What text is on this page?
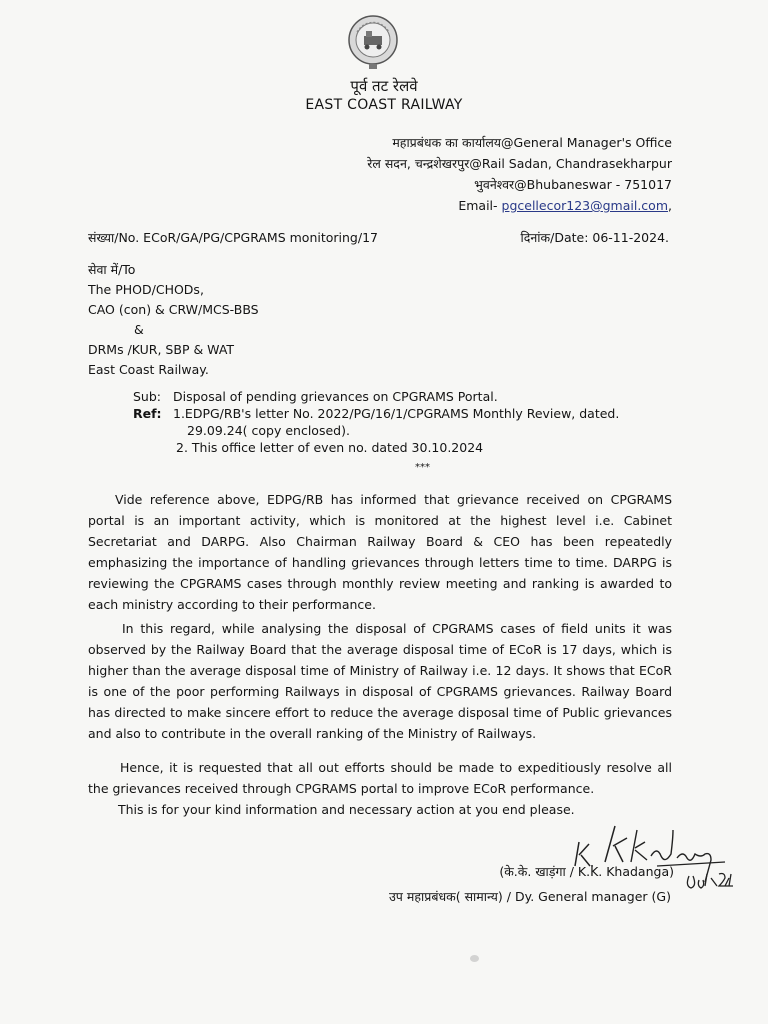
पूर्व तट रेलवे
EAST COAST RAILWAY
महाप्रबंधक का कार्यालय@General Manager's Office
रेल सदन, चन्द्रशेखरपुर@Rail Sadan, Chandrasekharpur
भुवनेश्वर@Bhubaneswar - 751017
Email- pgcellecor123@gmail.com,
संख्या/No. ECoR/GA/PG/CPGRAMS monitoring/17	दिनांक/Date: 06-11-2024.
सेवा में/To
The PHOD/CHODs,
CAO (con) & CRW/MCS-BBS
&
DRMs /KUR, SBP & WAT
East Coast Railway.
Sub: Disposal of pending grievances on CPGRAMS Portal.
Ref: 1.EDPG/RB's letter No. 2022/PG/16/1/CPGRAMS Monthly Review, dated.
29.09.24( copy enclosed).
2. This office letter of even no. dated 30.10.2024
***

Vide reference above, EDPG/RB has informed that grievance received on CPGRAMS portal is an important activity, which is monitored at the highest level i.e. Cabinet Secretariat and DARPG. Also Chairman Railway Board & CEO has been repeatedly emphasizing the importance of handling grievances through letters time to time. DARPG is reviewing the CPGRAMS cases through monthly review meeting and ranking is awarded to each ministry according to their performance.

In this regard, while analysing the disposal of CPGRAMS cases of field units it was observed by the Railway Board that the average disposal time of ECoR is 17 days, which is higher than the average disposal time of Ministry of Railway i.e. 12 days. It shows that ECoR is one of the poor performing Railways in disposal of CPGRAMS grievances. Railway Board has directed to make sincere effort to reduce the average disposal time of Public grievances and also to contribute in the overall ranking of the Ministry of Railways.

Hence, it is requested that all out efforts should be made to expeditiously resolve all the grievances received through CPGRAMS portal to improve ECoR performance.

This is for your kind information and necessary action at you end please.

(के.के. खाड़ंगा / K.K. Khadanga)
उप महाप्रबंधक( सामान्य) / Dy. General manager (G)
